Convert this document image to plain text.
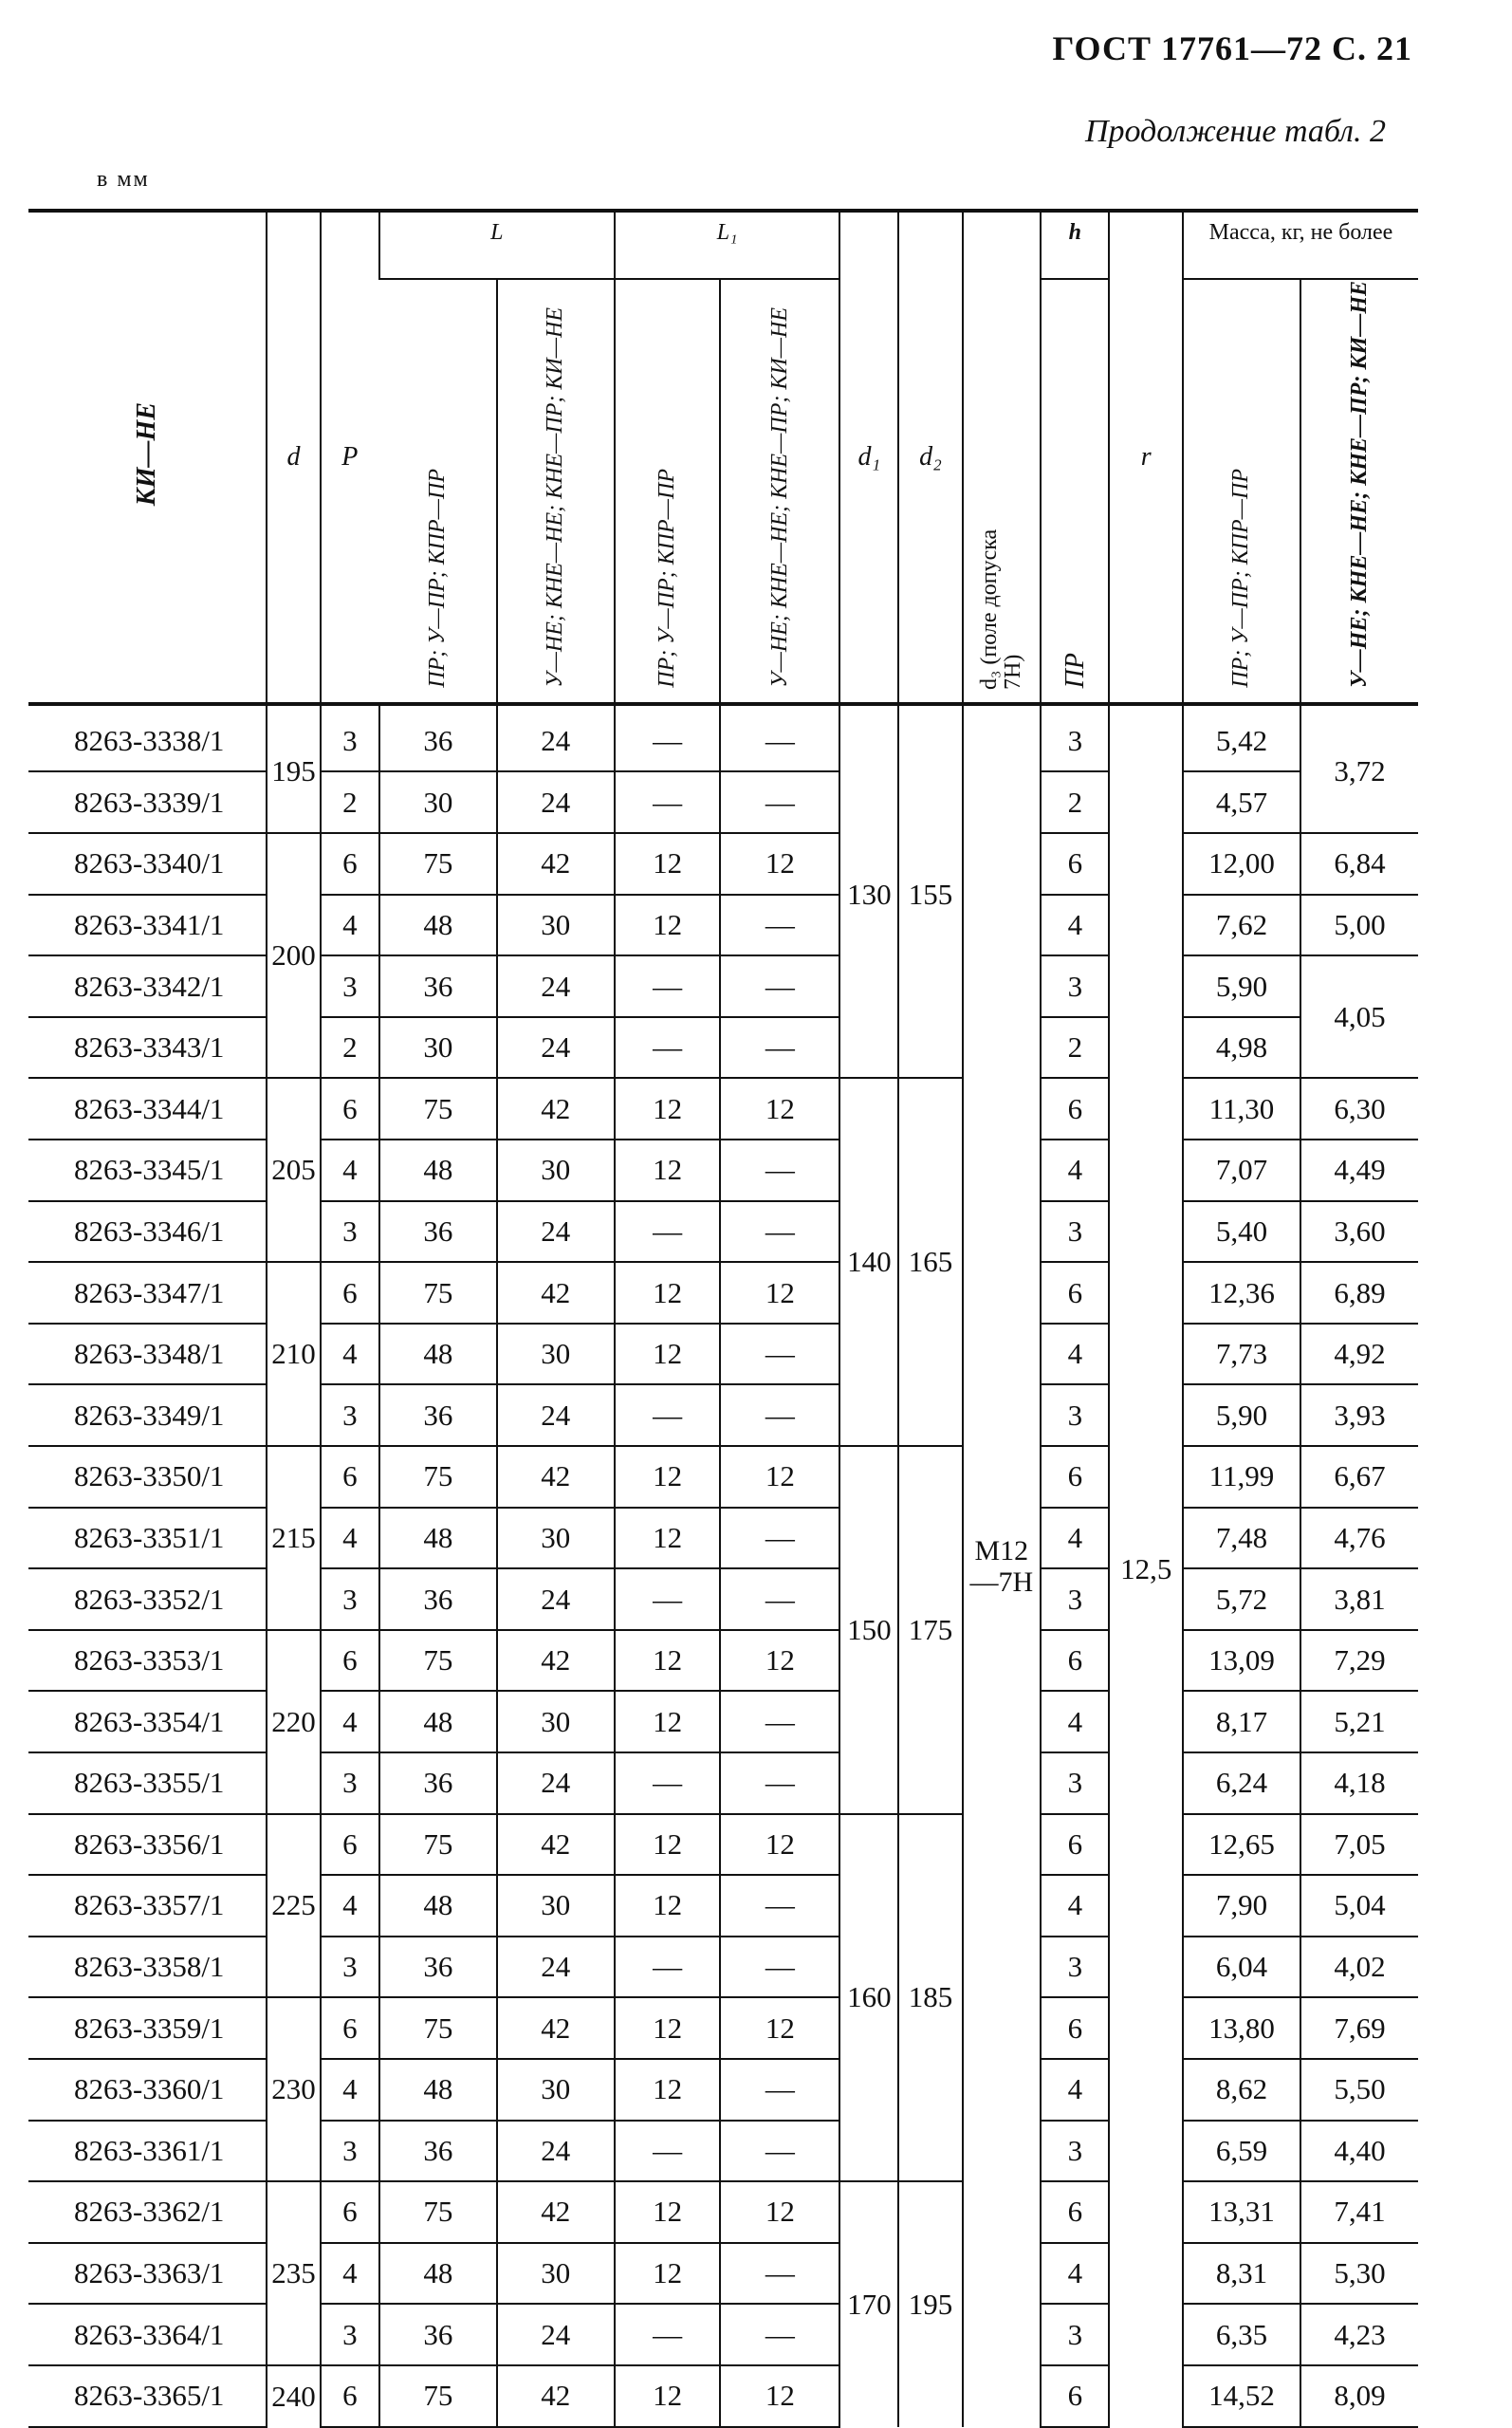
ГОСТ 17761—72 С. 21
Продолжение табл. 2
в мм
КИ—НЕ	d	P	L		L₁		d₁	d₂	d₃ (поле допуска 7H)	h	r	Масса, кг, не более	
			ПР; У—ПР; КПР—ПР	У—НЕ; КНЕ—НЕ; КНЕ—ПР; КИ—НЕ	ПР; У—ПР; КПР—ПР	У—НЕ; КНЕ—НЕ; КНЕ—ПР; КИ—НЕ				ПР		ПР; У—ПР; КПР—ПР	У—НЕ; КНЕ—НЕ; КНЕ—ПР; КИ—НЕ
8263-3338/1	195	3	36	24	—	—	130	155	M12 —7H	3	12,5	5,42	3,72
8263-3339/1		2	30	24	—	—				2		4,57	
8263-3340/1	200	6	75	42	12	12				6		12,00	6,84
8263-3341/1		4	48	30	12	—				4		7,62	5,00
8263-3342/1		3	36	24	—	—				3		5,90	4,05
8263-3343/1		2	30	24	—	—				2		4,98	
8263-3344/1	205	6	75	42	12	12	140	165		6		11,30	6,30
8263-3345/1		4	48	30	12	—				4		7,07	4,49
8263-3346/1		3	36	24	—	—				3		5,40	3,60
8263-3347/1	210	6	75	42	12	12				6		12,36	6,89
8263-3348/1		4	48	30	12	—				4		7,73	4,92
8263-3349/1		3	36	24	—	—				3		5,90	3,93
8263-3350/1	215	6	75	42	12	12	150	175		6		11,99	6,67
8263-3351/1		4	48	30	12	—				4		7,48	4,76
8263-3352/1		3	36	24	—	—				3		5,72	3,81
8263-3353/1	220	6	75	42	12	12				6		13,09	7,29
8263-3354/1		4	48	30	12	—				4		8,17	5,21
8263-3355/1		3	36	24	—	—				3		6,24	4,18
8263-3356/1	225	6	75	42	12	12	160	185		6		12,65	7,05
8263-3357/1		4	48	30	12	—				4		7,90	5,04
8263-3358/1		3	36	24	—	—				3		6,04	4,02
8263-3359/1	230	6	75	42	12	12				6		13,80	7,69
8263-3360/1		4	48	30	12	—				4		8,62	5,50
8263-3361/1		3	36	24	—	—				3		6,59	4,40
8263-3362/1	235	6	75	42	12	12	170	195		6		13,31	7,41
8263-3363/1		4	48	30	12	—				4		8,31	5,30
8263-3364/1		3	36	24	—	—				3		6,35	4,23
8263-3365/1	240	6	75	42	12	12				6		14,52	8,09
